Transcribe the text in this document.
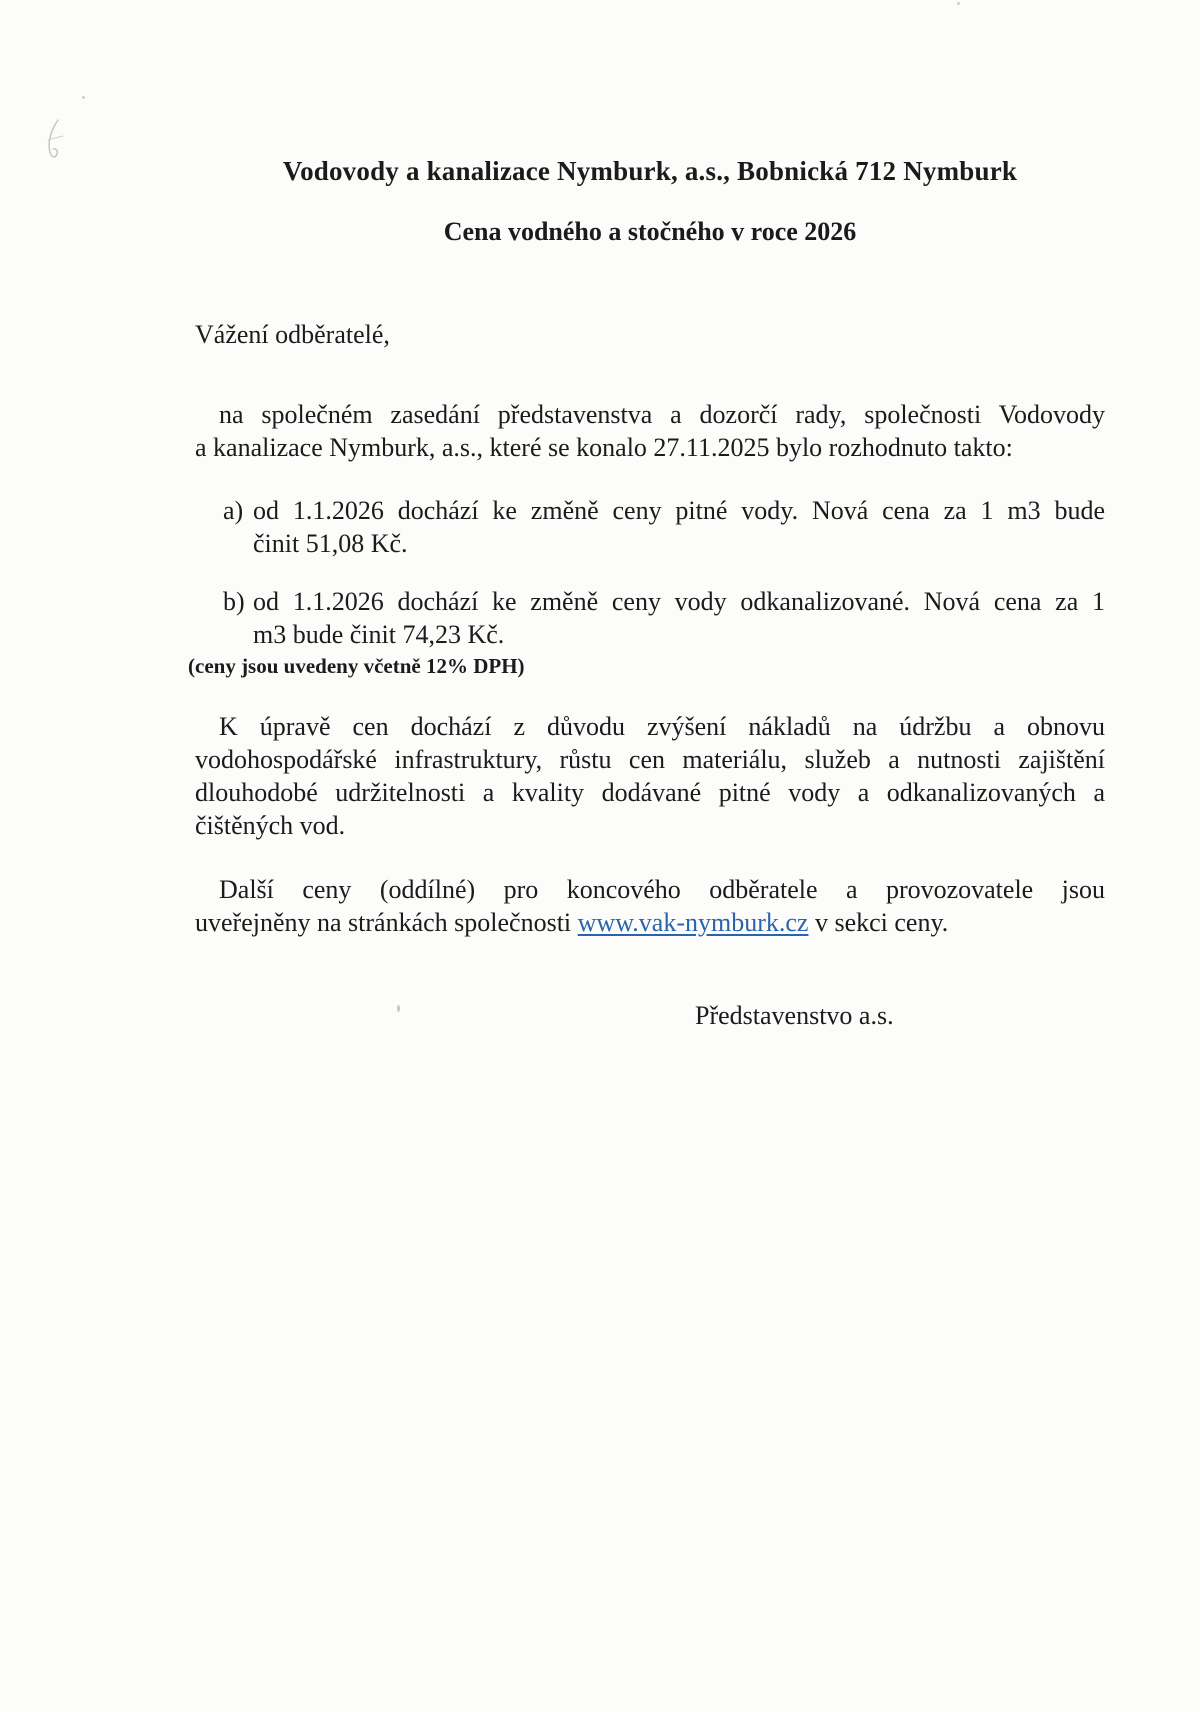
Vodovody a kanalizace Nymburk, a.s., Bobnická 712 Nymburk
Cena vodného a stočného v roce 2026
Vážení odběratelé,
na společném zasedání představenstva a dozorčí rady, společnosti Vodovody
a kanalizace Nymburk, a.s., které se konalo 27.11.2025 bylo rozhodnuto takto:
a) od 1.1.2026 dochází ke změně ceny pitné vody. Nová cena za 1 m3 bude
činit 51,08 Kč.
b) od 1.1.2026 dochází ke změně ceny vody odkanalizované. Nová cena za 1
m3 bude činit 74,23 Kč.
(ceny jsou uvedeny včetně 12% DPH)
K úpravě cen dochází z důvodu zvýšení nákladů na údržbu a obnovu
vodohospodářské infrastruktury, růstu cen materiálu, služeb a nutnosti zajištění
dlouhodobé udržitelnosti a kvality dodávané pitné vody a odkanalizovaných a
čištěných vod.
Další ceny (oddílné) pro koncového odběratele a provozovatele jsou
uveřejněny na stránkách společnosti www.vak-nymburk.cz v sekci ceny.
Představenstvo a.s.
